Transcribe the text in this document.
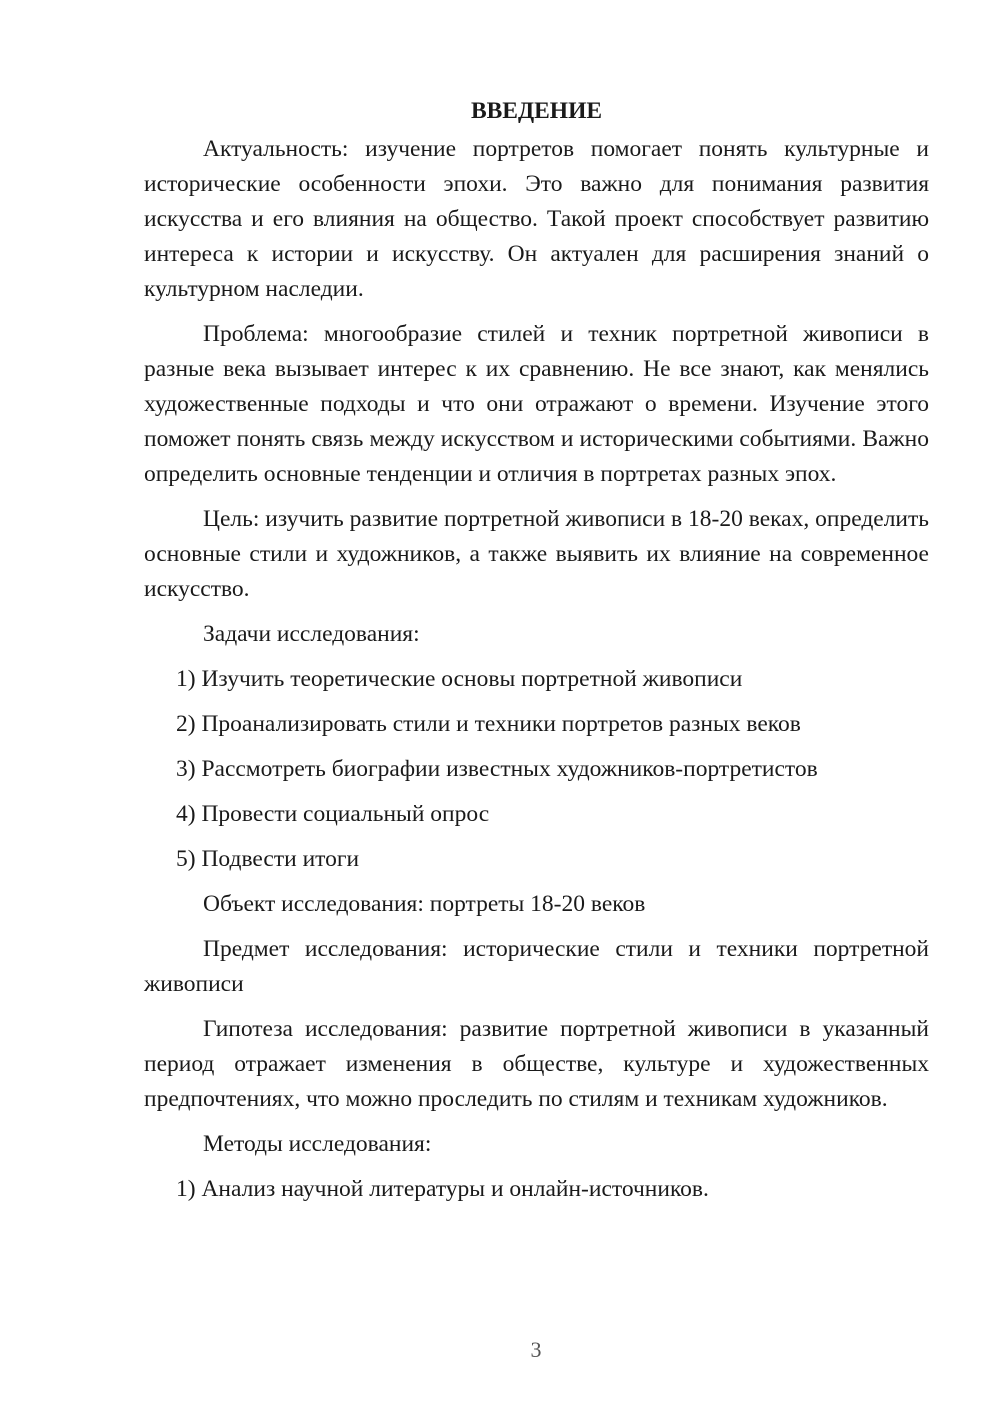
ВВЕДЕНИЕ

Актуальность: изучение портретов помогает понять культурные и исторические особенности эпохи. Это важно для понимания развития искусства и его влияния на общество. Такой проект способствует развитию интереса к истории и искусству. Он актуален для расширения знаний о культурном наследии.

Проблема: многообразие стилей и техник портретной живописи в разные века вызывает интерес к их сравнению. Не все знают, как менялись художественные подходы и что они отражают о времени. Изучение этого поможет понять связь между искусством и историческими событиями. Важно определить основные тенденции и отличия в портретах разных эпох.

Цель: изучить развитие портретной живописи в 18-20 веках, определить основные стили и художников, а также выявить их влияние на современное искусство.

Задачи исследования:

1) Изучить теоретические основы портретной живописи
2) Проанализировать стили и техники портретов разных веков
3) Рассмотреть биографии известных художников-портретистов
4) Провести социальный опрос
5) Подвести итоги

Объект исследования: портреты 18-20 веков

Предмет исследования: исторические стили и техники портретной живописи

Гипотеза исследования: развитие портретной живописи в указанный период отражает изменения в обществе, культуре и художественных предпочтениях, что можно проследить по стилям и техникам художников.

Методы исследования:

1) Анализ научной литературы и онлайн-источников.
3
